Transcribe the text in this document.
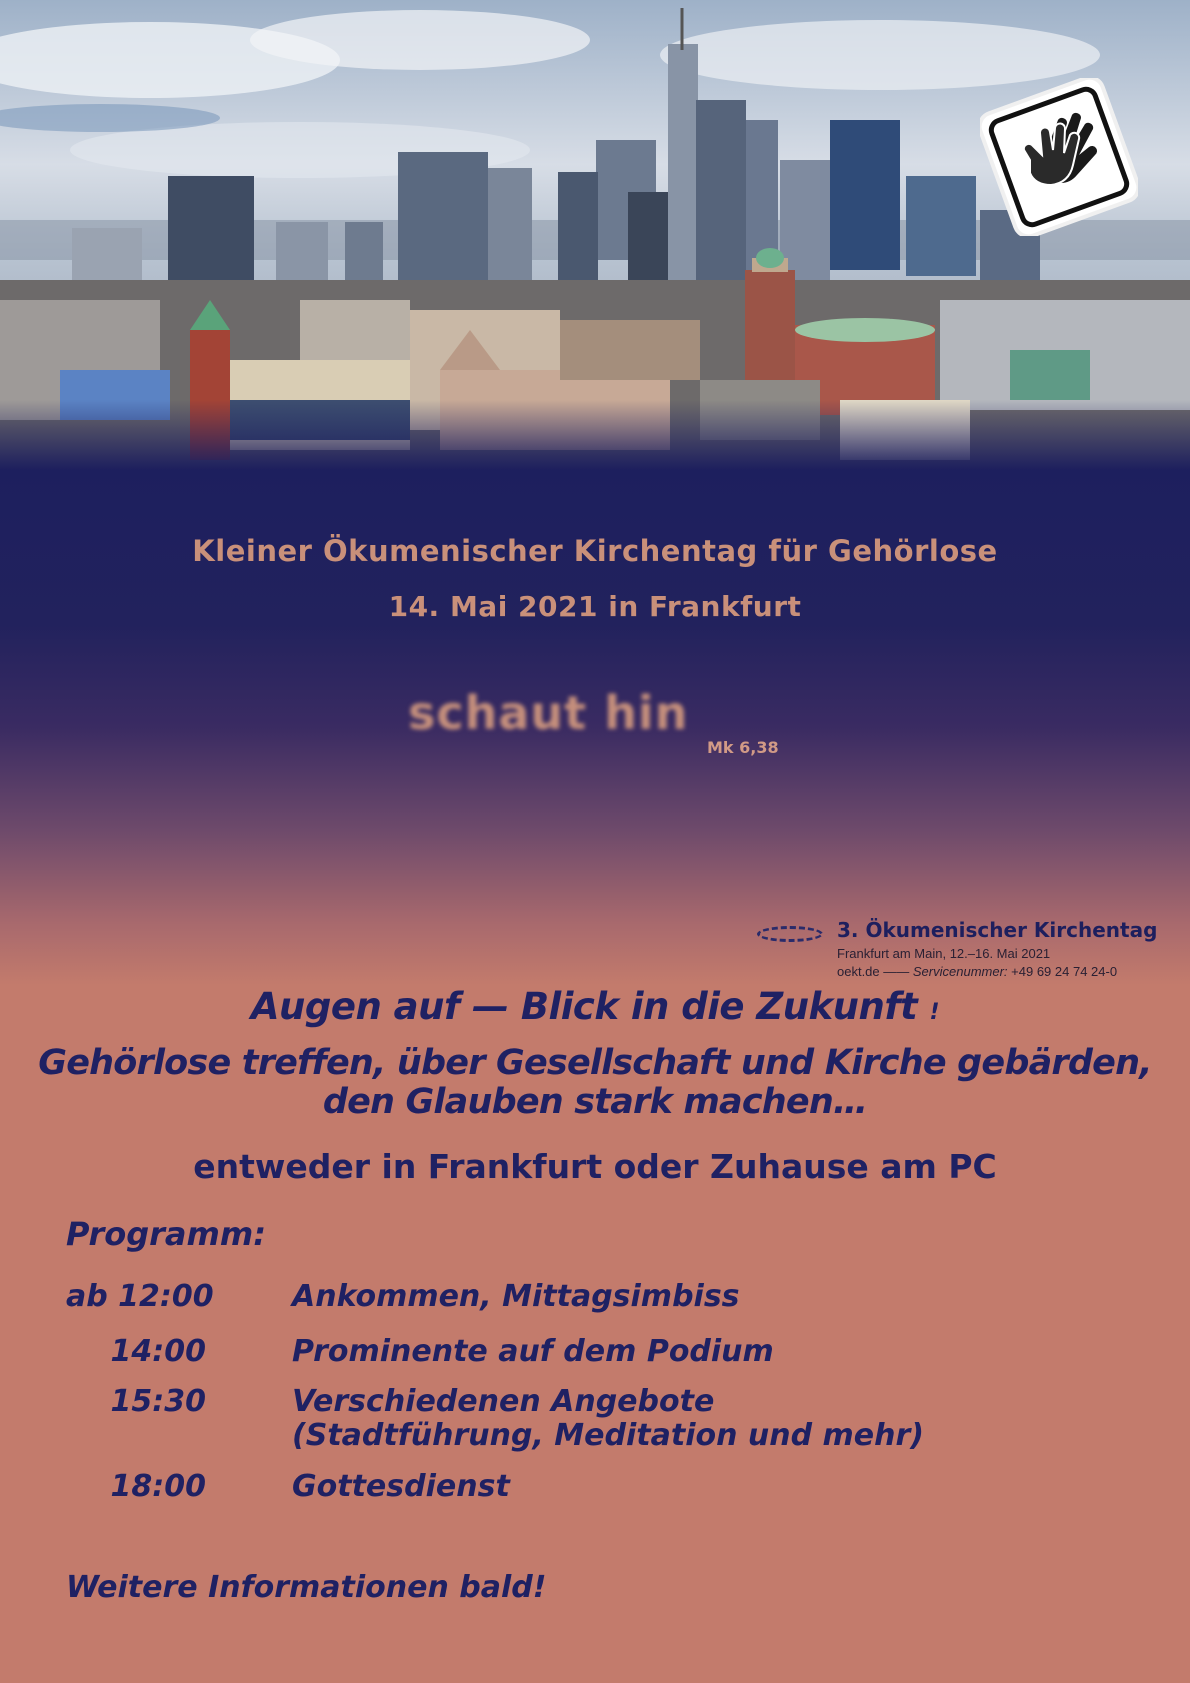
Kleiner Ökumenischer Kirchentag für Gehörlose
14. Mai 2021 in Frankfurt
schaut hin
Mk 6,38
3. Ökumenischer Kirchentag
Frankfurt am Main, 12.–16. Mai 2021
oekt.de —— Servicenummer: +49 69 24 74 24-0
Augen auf — Blick in die Zukunft !
Gehörlose treffen, über Gesellschaft und Kirche gebärden,
den Glauben stark machen…
entweder in Frankfurt oder Zuhause am PC
Programm:
ab 12:00	Ankommen, Mittagsimbiss
14:00	Prominente auf dem Podium
15:30	Verschiedenen Angebote
(Stadtführung, Meditation und mehr)
18:00	Gottesdienst
Weitere Informationen bald!
